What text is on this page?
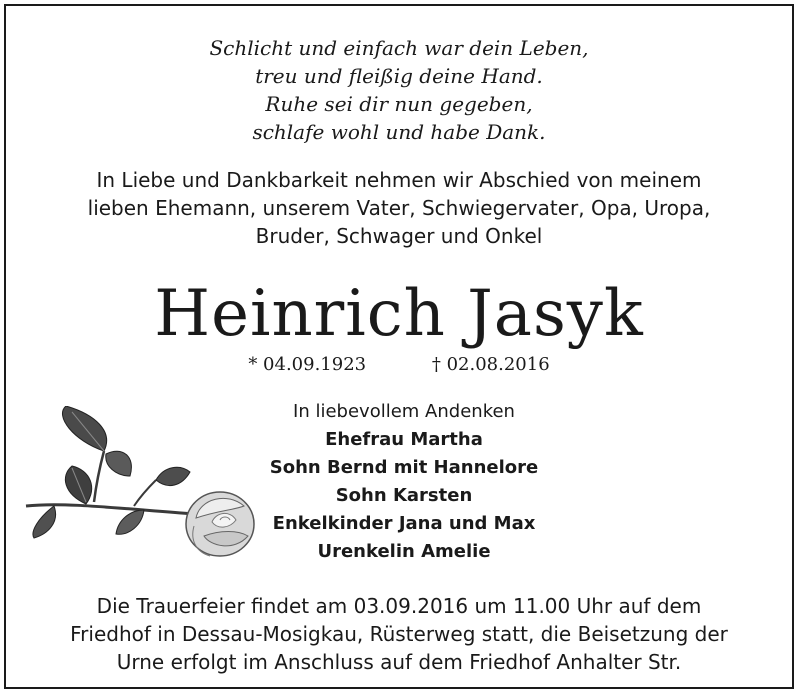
Schlicht und einfach war dein Leben,
treu und fleißig deine Hand.
Ruhe sei dir nun gegeben,
schlafe wohl und habe Dank.
In Liebe und Dankbarkeit nehmen wir Abschied von meinem
lieben Ehemann, unserem Vater, Schwiegervater, Opa, Uropa,
Bruder, Schwager und Onkel
Heinrich Jasyk
* 04.09.1923	† 02.08.2016
In liebevollem Andenken
Ehefrau Martha
Sohn Bernd mit Hannelore
Sohn Karsten
Enkelkinder Jana und Max
Urenkelin Amelie
Die Trauerfeier findet am 03.09.2016 um 11.00 Uhr auf dem
Friedhof in Dessau-Mosigkau, Rüsterweg statt, die Beisetzung der
Urne erfolgt im Anschluss auf dem Friedhof Anhalter Str.
